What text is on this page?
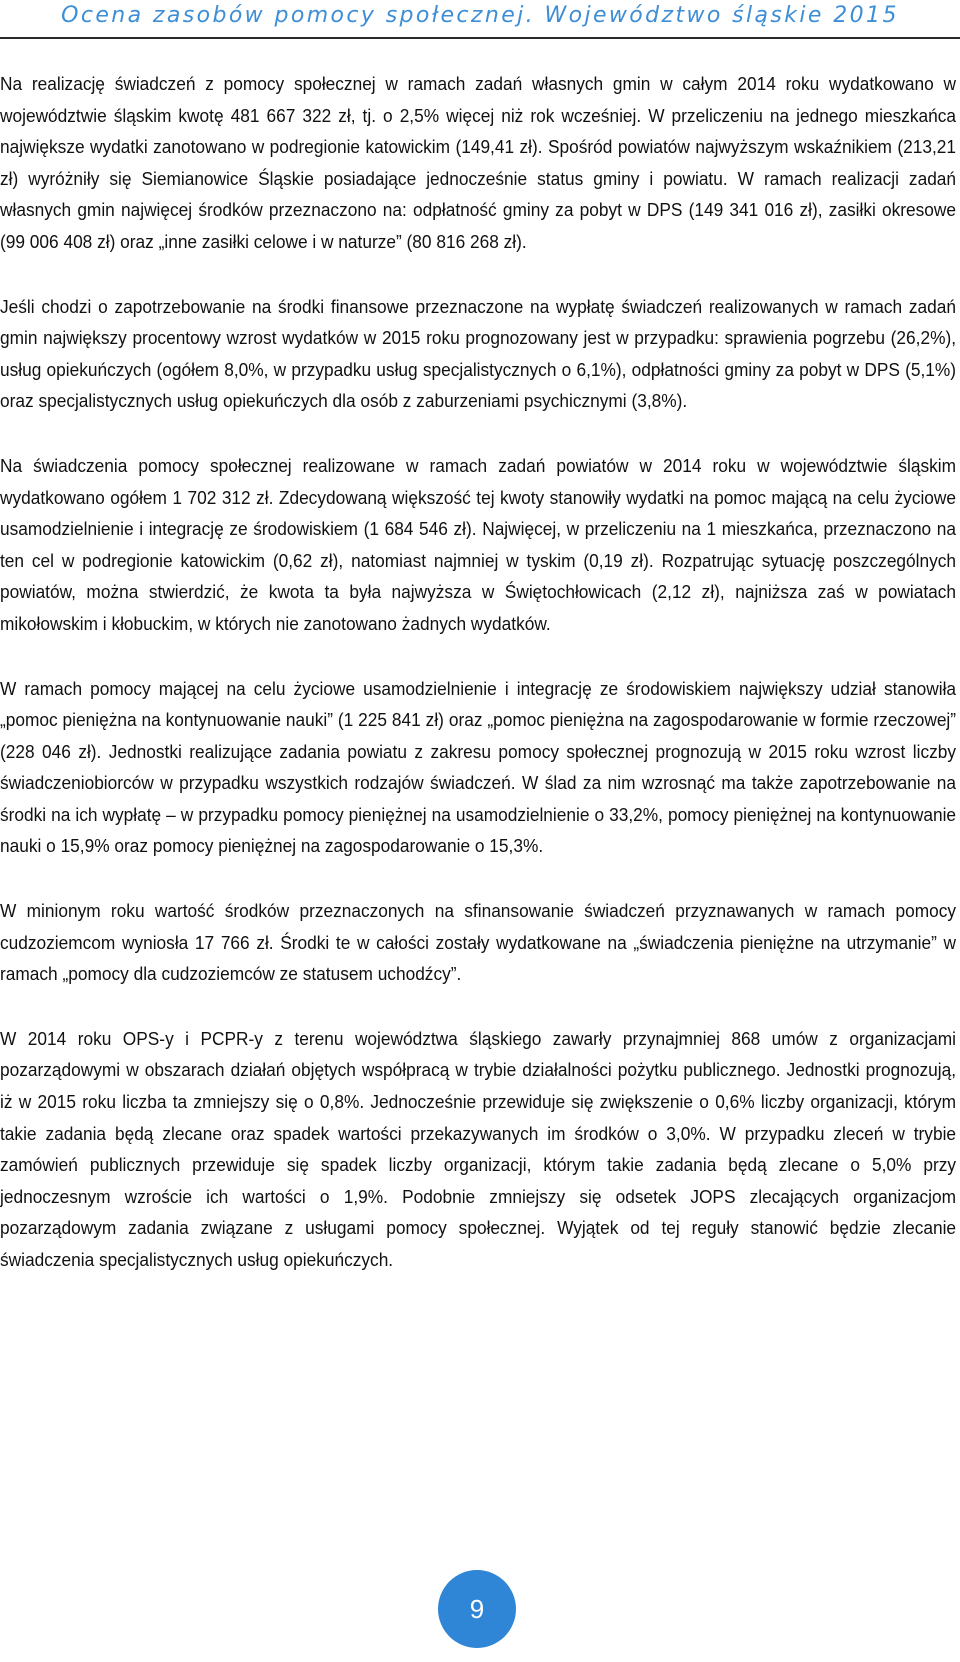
Ocena zasobów pomocy społecznej. Województwo śląskie 2015

Na realizację świadczeń z pomocy społecznej w ramach zadań własnych gmin w całym 2014 roku wydatkowano w województwie śląskim kwotę 481 667 322 zł, tj. o 2,5% więcej niż rok wcześniej. W przeliczeniu na jednego mieszkańca największe wydatki zanotowano w podregionie katowickim (149,41 zł). Spośród powiatów najwyższym wskaźnikiem (213,21 zł) wyróżniły się Siemianowice Śląskie posiadające jednocześnie status gminy i powiatu. W ramach realizacji zadań własnych gmin najwięcej środków przeznaczono na: odpłatność gminy za pobyt w DPS (149 341 016 zł), zasiłki okresowe (99 006 408 zł) oraz „inne zasiłki celowe i w naturze” (80 816 268 zł).

Jeśli chodzi o zapotrzebowanie na środki finansowe przeznaczone na wypłatę świadczeń realizowanych w ramach zadań gmin największy procentowy wzrost wydatków w 2015 roku prognozowany jest w przypadku: sprawienia pogrzebu (26,2%), usług opiekuńczych (ogółem 8,0%, w przypadku usług specjalistycznych o 6,1%), odpłatności gminy za pobyt w DPS (5,1%) oraz specjalistycznych usług opiekuńczych dla osób z zaburzeniami psychicznymi (3,8%).

Na świadczenia pomocy społecznej realizowane w ramach zadań powiatów w 2014 roku w województwie śląskim wydatkowano ogółem 1 702 312 zł. Zdecydowaną większość tej kwoty stanowiły wydatki na pomoc mającą na celu życiowe usamodzielnienie i integrację ze środowiskiem (1 684 546 zł). Najwięcej, w przeliczeniu na 1 mieszkańca, przeznaczono na ten cel w podregionie katowickim (0,62 zł), natomiast najmniej w tyskim (0,19 zł). Rozpatrując sytuację poszczególnych powiatów, można stwierdzić, że kwota ta była najwyższa w Świętochłowicach (2,12 zł), najniższa zaś w powiatach mikołowskim i kłobuckim, w których nie zanotowano żadnych wydatków.

W ramach pomocy mającej na celu życiowe usamodzielnienie i integrację ze środowiskiem największy udział stanowiła „pomoc pieniężna na kontynuowanie nauki” (1 225 841 zł) oraz „pomoc pieniężna na zagospodarowanie w formie rzeczowej” (228 046 zł). Jednostki realizujące zadania powiatu z zakresu pomocy społecznej prognozują w 2015 roku wzrost liczby świadczeniobiorców w przypadku wszystkich rodzajów świadczeń. W ślad za nim wzrosnąć ma także zapotrzebowanie na środki na ich wypłatę – w przypadku pomocy pieniężnej na usamodzielnienie o 33,2%, pomocy pieniężnej na kontynuowanie nauki o 15,9% oraz pomocy pieniężnej na zagospodarowanie o 15,3%.

W minionym roku wartość środków przeznaczonych na sfinansowanie świadczeń przyznawanych w ramach pomocy cudzoziemcom wyniosła 17 766 zł. Środki te w całości zostały wydatkowane na „świadczenia pieniężne na utrzymanie” w ramach „pomocy dla cudzoziemców ze statusem uchodźcy”.

W 2014 roku OPS-y i PCPR-y z terenu województwa śląskiego zawarły przynajmniej 868 umów z organizacjami pozarządowymi w obszarach działań objętych współpracą w trybie działalności pożytku publicznego. Jednostki prognozują, iż w 2015 roku liczba ta zmniejszy się o 0,8%. Jednocześnie przewiduje się zwiększenie o 0,6% liczby organizacji, którym takie zadania będą zlecane oraz spadek wartości przekazywanych im środków o 3,0%. W przypadku zleceń w trybie zamówień publicznych przewiduje się spadek liczby organizacji, którym takie zadania będą zlecane o 5,0% przy jednoczesnym wzroście ich wartości o 1,9%. Podobnie zmniejszy się odsetek JOPS zlecających organizacjom pozarządowym zadania związane z usługami pomocy społecznej. Wyjątek od tej reguły stanowić będzie zlecanie świadczenia specjalistycznych usług opiekuńczych.

9
